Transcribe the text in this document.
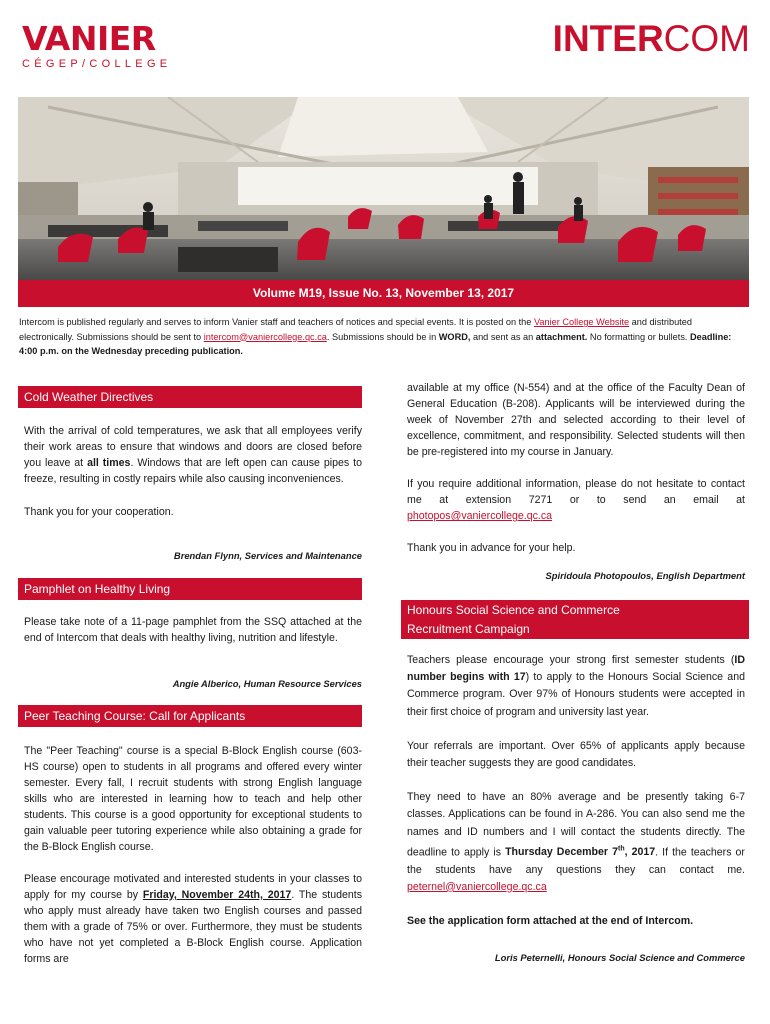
VANIER
CÉGEP/COLLEGE
INTERCOM
Volume M19, Issue No. 13, November 13, 2017
Intercom is published regularly and serves to inform Vanier staff and teachers of notices and special events. It is posted on the Vanier College Website and distributed electronically. Submissions should be sent to intercom@vaniercollege.qc.ca. Submissions should be in WORD, and sent as an attachment. No formatting or bullets. Deadline: 4:00 p.m. on the Wednesday preceding publication.
Cold Weather Directives

With the arrival of cold temperatures, we ask that all employees verify their work areas to ensure that windows and doors are closed before you leave at all times. Windows that are left open can cause pipes to freeze, resulting in costly repairs while also causing inconveniences.

Thank you for your cooperation.

Brendan Flynn, Services and Maintenance
Pamphlet on Healthy Living
Please take note of a 11-page pamphlet from the SSQ attached at the end of Intercom that deals with healthy living, nutrition and lifestyle.
Angie Alberico, Human Resource Services
Peer Teaching Course: Call for Applicants

The "Peer Teaching" course is a special B-Block English course (603-HS course) open to students in all programs and offered every winter semester. Every fall, I recruit students with strong English language skills who are interested in learning how to teach and help other students. This course is a good opportunity for exceptional students to gain valuable peer tutoring experience while also obtaining a grade for the B-Block English course.

Please encourage motivated and interested students in your classes to apply for my course by Friday, November 24th, 2017. The students who apply must already have taken two English courses and passed them with a grade of 75% or over. Furthermore, they must be students who have not yet completed a B-Block English course. Application forms are

available at my office (N-554) and at the office of the Faculty Dean of General Education (B-208). Applicants will be interviewed during the week of November 27th and selected according to their level of excellence, commitment, and responsibility. Selected students will then be pre-registered into my course in January.

If you require additional information, please do not hesitate to contact me at extension 7271 or to send an email at photopos@vaniercollege.qc.ca

Thank you in advance for your help.

Spiridoula Photopoulos, English Department
Honours Social Science and Commerce
Recruitment Campaign

Teachers please encourage your strong first semester students (ID number begins with 17) to apply to the Honours Social Science and Commerce program. Over 97% of Honours students were accepted in their first choice of program and university last year.

Your referrals are important. Over 65% of applicants apply because their teacher suggests they are good candidates.

They need to have an 80% average and be presently taking 6-7 classes. Applications can be found in A-286. You can also send me the names and ID numbers and I will contact the students directly. The deadline to apply is Thursday December 7th, 2017. If the teachers or the students have any questions they can contact me. peternel@vaniercollege.qc.ca

See the application form attached at the end of Intercom.

Loris Peternelli, Honours Social Science and Commerce
